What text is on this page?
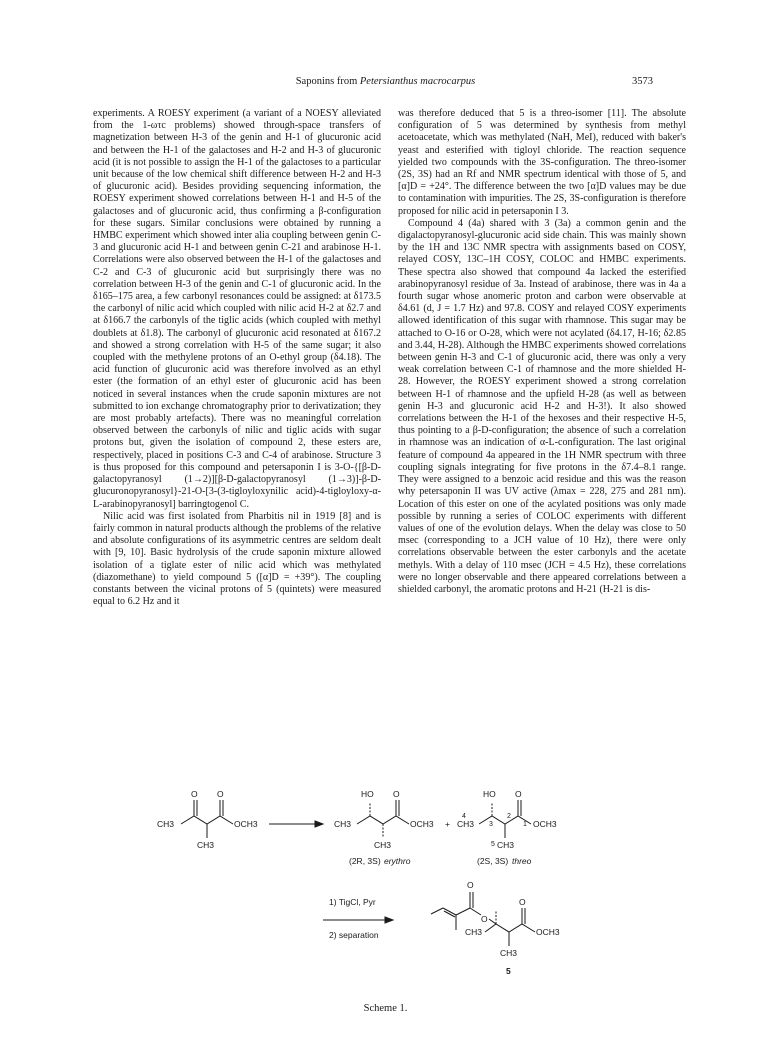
Saponins from Petersianthus macrocarpus	3573

experiments. A ROESY experiment (a variant of a NOESY alleviated from the 1-ωτc problems) showed through-space transfers of magnetization between H-3 of the genin and H-1 of glucuronic acid and between the H-1 of the galactoses and H-2 and H-3 of glucuronic acid (it is not possible to assign the H-1 of the galactoses to a particular unit because of the low chemical shift difference between H-2 and H-3 of glucuronic acid). Besides providing sequencing information, the ROESY experiment showed correlations between H-1 and H-5 of the galactoses and of glucuronic acid, thus confirming a β-configuration for these sugars. Similar conclusions were obtained by running a HMBC experiment which showed inter alia coupling between genin C-3 and glucuronic acid H-1 and between genin C-21 and arabinose H-1. Correlations were also observed between the H-1 of the galactoses and C-2 and C-3 of glucuronic acid but surprisingly there was no correlation between H-3 of the genin and C-1 of glucuronic acid. In the δ165–175 area, a few carbonyl resonances could be assigned: at δ173.5 the carbonyl of nilic acid which coupled with nilic acid H-2 at δ2.7 and at δ166.7 the carbonyls of the tiglic acids (which coupled with methyl doublets at δ1.8). The carbonyl of glucuronic acid resonated at δ167.2 and showed a strong correlation with H-5 of the same sugar; it also coupled with the methylene protons of an O-ethyl group (δ4.18). The acid function of glucuronic acid was therefore involved as an ethyl ester (the formation of an ethyl ester of glucuronic acid has been noticed in several instances when the crude saponin mixtures are not submitted to ion exchange chromatography prior to derivatization; they are most probably artefacts). There was no meaningful correlation observed between the carbonyls of nilic and tiglic acids with sugar protons but, given the isolation of compound 2, these esters are, respectively, placed in positions C-3 and C-4 of arabinose. Structure 3 is thus proposed for this compound and petersaponin I is 3-O-{[β-D-galactopyranosyl (1→2)][β-D-galactopyranosyl (1→3)]-β-D-glucuronopyranosyl}-21-O-[3-(3-tigloyloxynilic acid)-4-tigloyloxy-α-L-arabinopyranosyl] barringtogenol C.

Nilic acid was first isolated from Pharbitis nil in 1919 [8] and is fairly common in natural products although the problems of the relative and absolute configurations of its asymmetric centres are seldom dealt with [9, 10]. Basic hydrolysis of the crude saponin mixture allowed isolation of a tiglate ester of nilic acid which was methylated (diazomethane) to yield compound 5 ([α]D = +39°). The coupling constants between the vicinal protons of 5 (quintets) were measured equal to 6.2 Hz and it

was therefore deduced that 5 is a threo-isomer [11]. The absolute configuration of 5 was determined by synthesis from methyl acetoacetate, which was methylated (NaH, MeI), reduced with baker's yeast and esterified with tigloyl chloride. The reaction sequence yielded two compounds with the 3S-configuration. The threo-isomer (2S, 3S) had an Rf and NMR spectrum identical with those of 5, and [α]D = +24°. The difference between the two [α]D values may be due to contamination with impurities. The 2S, 3S-configuration is therefore proposed for nilic acid in petersaponin I 3.

Compound 4 (4a) shared with 3 (3a) a common genin and the digalactopyranosyl-glucuronic acid side chain. This was mainly shown by the 1H and 13C NMR spectra with assignments based on COSY, relayed COSY, 13C–1H COSY, COLOC and HMBC experiments. These spectra also showed that compound 4a lacked the esterified arabinopyranosyl residue of 3a. Instead of arabinose, there was in 4a a fourth sugar whose anomeric proton and carbon were observable at δ4.61 (d, J = 1.7 Hz) and 97.8. COSY and relayed COSY experiments allowed identification of this sugar with rhamnose. This sugar may be attached to O-16 or O-28, which were not acylated (δ4.17, H-16; δ2.85 and 3.44, H-28). Although the HMBC experiments showed correlations between genin H-3 and C-1 of glucuronic acid, there was only a very weak correlation between C-1 of rhamnose and the more shielded H-28. However, the ROESY experiment showed a strong correlation between H-1 of rhamnose and the upfield H-28 (as well as between genin H-3 and glucuronic acid H-2 and H-3!). It also showed correlations between the H-1 of the hexoses and their respective H-5, thus pointing to a β-D-configuration; the absence of such a correlation in rhamnose was an indication of α-L-configuration. The last original feature of compound 4a appeared in the 1H NMR spectrum with three coupling signals integrating for five protons in the δ7.4–8.1 range. They were assigned to a benzoic acid residue and this was the reason why petersaponin II was UV active (λmax = 228, 275 and 281 nm). Location of this ester on one of the acylated positions was only made possible by running a series of COLOC experiments with different values of one of the evolution delays. When the delay was close to 50 msec (corresponding to a JCH value of 10 Hz), there were only correlations observable between the ester carbonyls and the acetate methyls. With a delay of 110 msec (JCH = 4.5 Hz), these correlations were no longer observable and there appeared correlations between a shielded carbonyl, the aromatic protons and H-21 (H-21 is dis-

O O
CH3	OCH3
CH3
HO O
CH3	OCH3
CH3
(2R, 3S) erythro
+
HO O
4
CH3 3
2
1 OCH3
5 CH3
(2S, 3S) threo
1) TigCl, Pyr
2) separation
O
O
O
CH3	OCH3
CH3
5
Scheme 1.
